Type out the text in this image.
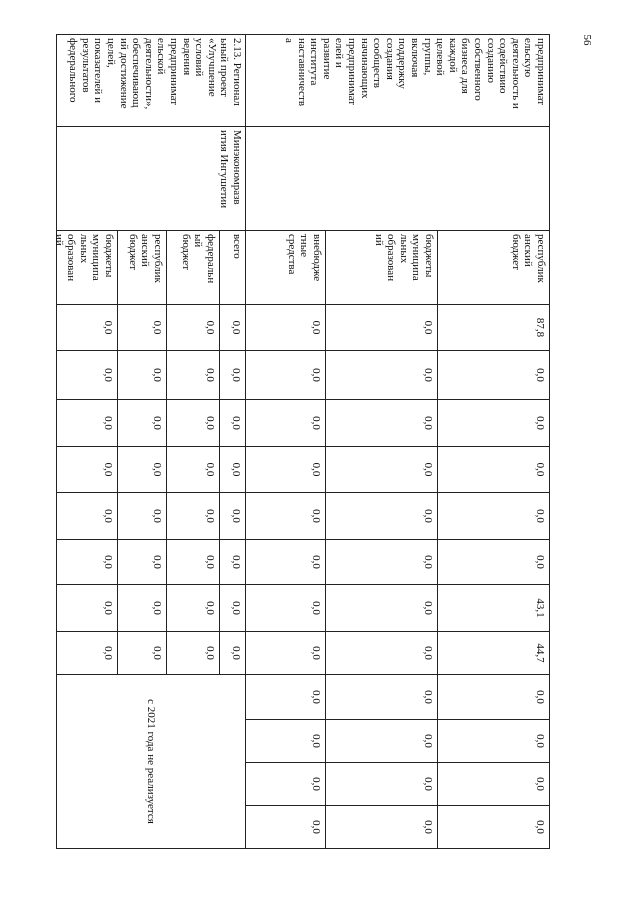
56
предпринимат
ельскую
деятельность и
содействию
созданию
собственного
бизнеса для
каждой
целевой
группы,
включая
поддержку
создания
сообществ
начинающих
предпринимат
елей и
развитие
института
наставничеств
а
республик
анский
бюджет
87,8
0,0
0,0
0,0
0,0
0,0
43,1
44,7
0,0
0,0
0,0
0,0
бюджеты
муниципа
льных
образован
ий
0,0
0,0
0,0
0,0
0,0
0,0
0,0
0,0
0,0
0,0
0,0
0,0
внебюдже
тные
средства
0,0
0,0
0,0
0,0
0,0
0,0
0,0
0,0
0,0
0,0
0,0
0,0
2.13. Регионал
ьный проект
«Улучшение
условий
ведения
предпринимат
ельской
деятельности»,
обеспечивающ
ий достижение
целей,
показателей и
результатов
федерального
Минэкономразв
ития Ингушетии
всего
0,0
0,0
0,0
0,0
0,0
0,0
0,0
0,0
федеральн
ый
бюджет
0,0
0,0
0,0
0,0
0,0
0,0
0,0
0,0
республик
анский
бюджет
0,0
0,0
0,0
0,0
0,0
0,0
0,0
0,0
бюджеты
муниципа
льных
образован
ий
0,0
0,0
0,0
0,0
0,0
0,0
0,0
0,0
с 2021 года не реализуется
